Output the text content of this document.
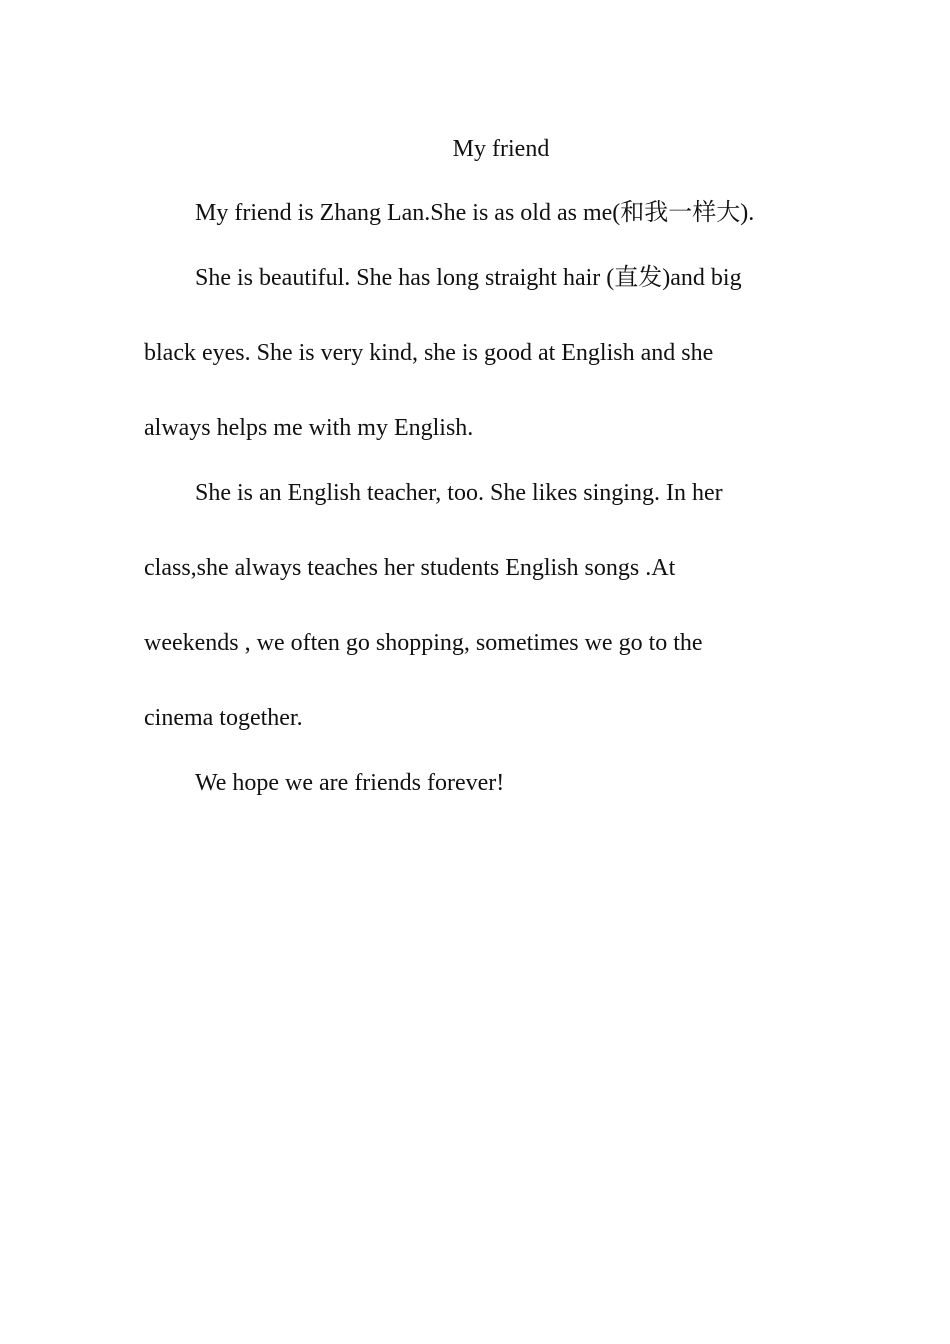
My friend

My friend is Zhang Lan.She is as old as me(和我一样大).

She is beautiful. She has long straight hair (直发)and big
black eyes. She is very kind, she is good at English and she
always helps me with my English.

She is an English teacher, too. She likes singing. In her
class,she always teaches her students English songs .At
weekends , we often go shopping, sometimes we go to the
cinema together.

We hope we are friends forever!
